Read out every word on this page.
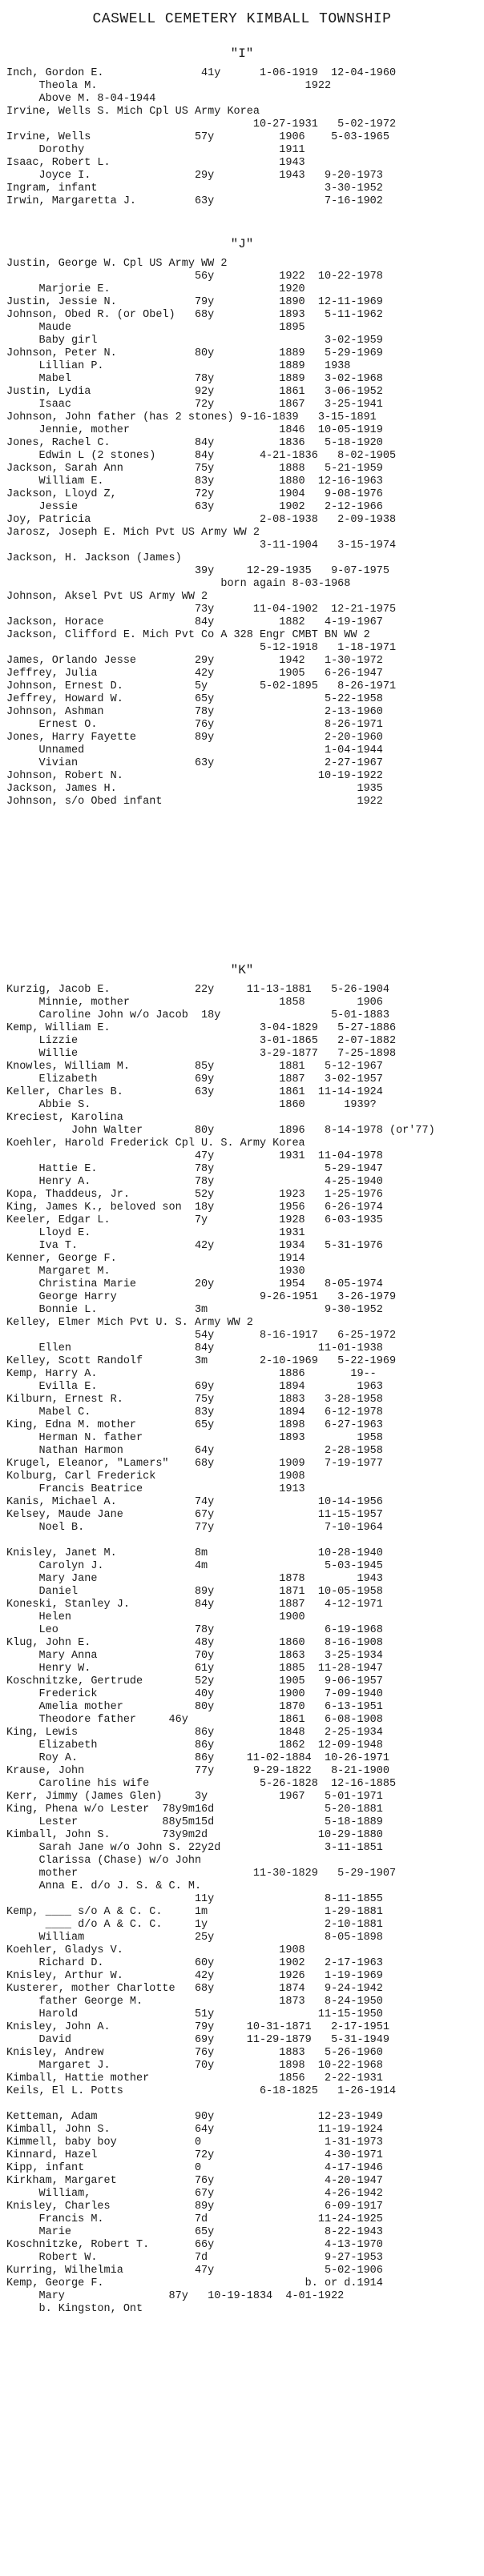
CASWELL CEMETERY KIMBALL TOWNSHIP
"I"
Inch, Gordon E.               41y      1-06-1919  12-04-1960
Theola M.                                1922
Above M. 8-04-1944
Irvine, Wells S. Mich Cpl US Army Korea
10-27-1931   5-02-1972
Irvine, Wells                57y          1906    5-03-1965
Dorothy                              1911
Isaac, Robert L.                          1943
Joyce I.                29y          1943   9-20-1973
Ingram, infant                                   3-30-1952
Irwin, Margaretta J.         63y                 7-16-1902
"J"
Justin, George W. Cpl US Army WW 2
56y          1922  10-22-1978
Marjorie E.                          1920
Justin, Jessie N.            79y          1890  12-11-1969
Johnson, Obed R. (or Obel)   68y          1893   5-11-1962
Maude                                1895
Baby girl                                   3-02-1959
Johnson, Peter N.            80y          1889   5-29-1969
Lillian P.                           1889   1938
Mabel                   78y          1889   3-02-1968
Justin, Lydia                92y          1861   3-06-1952
Isaac                   72y          1867   3-25-1941
Johnson, John father (has 2 stones) 9-16-1839   3-15-1891
Jennie, mother                       1846  10-05-1919
Jones, Rachel C.             84y          1836   5-18-1920
Edwin L (2 stones)      84y       4-21-1836   8-02-1905
Jackson, Sarah Ann           75y          1888   5-21-1959
William E.              83y          1880  12-16-1963
Jackson, Lloyd Z,            72y          1904   9-08-1976
Jessie                  63y          1902   2-12-1966
Joy, Patricia                          2-08-1938   2-09-1938
Jarosz, Joseph E. Mich Pvt US Army WW 2
3-11-1904   3-15-1974
Jackson, H. Jackson (James)
39y     12-29-1935   9-07-1975
born again 8-03-1968
Johnson, Aksel Pvt US Army WW 2
73y      11-04-1902  12-21-1975
Jackson, Horace              84y          1882   4-19-1967
Jackson, Clifford E. Mich Pvt Co A 328 Engr CMBT BN WW 2
5-12-1918   1-18-1971
James, Orlando Jesse         29y          1942   1-30-1972
Jeffrey, Julia               42y          1905   6-26-1947
Johnson, Ernest D.           5y        5-02-1895   8-26-1971
Jeffrey, Howard W.           65y                 5-22-1958
Johnson, Ashman              78y                 2-13-1960
Ernest O.               76y                 8-26-1971
Jones, Harry Fayette         89y                 2-20-1960
Unnamed                                     1-04-1944
Vivian                  63y                 2-27-1967
Johnson, Robert N.                              10-19-1922
Jackson, James H.                                     1935
Johnson, s/o Obed infant                              1922
"K"
Kurzig, Jacob E.             22y     11-13-1881   5-26-1904
Minnie, mother                       1858        1906
Caroline John w/o Jacob  18y                 5-01-1883
Kemp, William E.                       3-04-1829   5-27-1886
Lizzie                            3-01-1865   2-07-1882
Willie                            3-29-1877   7-25-1898
Knowles, William M.          85y          1881   5-12-1967
Elizabeth               69y          1887   3-02-1957
Keller, Charles B.           63y          1861  11-14-1924
Abbie S.                             1860      1939?
Kreciest, Karolina
John Walter        80y          1896   8-14-1978 (or'77)
Koehler, Harold Frederick Cpl U. S. Army Korea
47y          1931  11-04-1978
Hattie E.               78y                 5-29-1947
Henry A.                78y                 4-25-1940
Kopa, Thaddeus, Jr.          52y          1923   1-25-1976
King, James K., beloved son  18y          1956   6-26-1974
Keeler, Edgar L.             7y           1928   6-03-1935
Lloyd E.                             1931
Iva T.                  42y          1934   5-31-1976
Kenner, George F.                         1914
Margaret M.                          1930
Christina Marie         20y          1954   8-05-1974
George Harry                      9-26-1951   3-26-1979
Bonnie L.               3m                  9-30-1952
Kelley, Elmer Mich Pvt U. S. Army WW 2
54y       8-16-1917   6-25-1972
Ellen                   84y                11-01-1938
Kelley, Scott Randolf        3m        2-10-1969   5-22-1969
Kemp, Harry A.                            1886       19--
Evilla E.               69y          1894        1963
Kilburn, Ernest R.           75y          1883   3-28-1958
Mabel C.                83y          1894   6-12-1978
King, Edna M. mother         65y          1898   6-27-1963
Herman N. father                     1893        1958
Nathan Harmon           64y                 2-28-1958
Krugel, Eleanor, "Lamers"    68y          1909   7-19-1977
Kolburg, Carl Frederick                   1908
Francis Beatrice                     1913
Kanis, Michael A.            74y                10-14-1956
Kelsey, Maude Jane           67y                11-15-1957
Noel B.                 77y                 7-10-1964
Knisley, Janet M.            8m                 10-28-1940
Carolyn J.              4m                  5-03-1945
Mary Jane                            1878        1943
Daniel                  89y          1871  10-05-1958
Koneski, Stanley J.          84y          1887   4-12-1971
Helen                                1900
Leo                     78y                 6-19-1968
Klug, John E.                48y          1860   8-16-1908
Mary Anna               70y          1863   3-25-1934
Henry W.                61y          1885  11-28-1947
Koschnitzke, Gertrude        52y          1905   9-06-1957
Frederick               40y          1900   7-09-1940
Amelia mother           80y          1870   6-13-1951
Theodore father     46y              1861   6-08-1908
King, Lewis                  86y          1848   2-25-1934
Elizabeth               86y          1862  12-09-1948
Roy A.                  86y     11-02-1884  10-26-1971
Krause, John                 77y      9-29-1822   8-21-1900
Caroline his wife                 5-26-1828  12-16-1885
Kerr, Jimmy (James Glen)     3y           1967   5-01-1971
King, Phena w/o Lester  78y9m16d                 5-20-1881
Lester             88y5m15d                 5-18-1889
Kimball, John S.        73y9m2d                 10-29-1880
Sarah Jane w/o John S. 22y2d                3-11-1851
Clarissa (Chase) w/o John
mother                           11-30-1829   5-29-1907
Anna E. d/o J. S. & C. M.
11y                 8-11-1855
Kemp, ____ s/o A & C. C.     1m                  1-29-1881
____ d/o A & C. C.     1y                  2-10-1881
William                 25y                 8-05-1898
Koehler, Gladys V.                        1908
Richard D.              60y          1902   2-17-1963
Knisley, Arthur W.           42y          1926   1-19-1969
Kusterer, mother Charlotte   68y          1874   9-24-1942
father George M.                     1873   8-24-1950
Harold                  51y                11-15-1950
Knisley, John A.             79y     10-31-1871   2-17-1951
David                   69y     11-29-1879   5-31-1949
Knisley, Andrew              76y          1883   5-26-1960
Margaret J.             70y          1898  10-22-1968
Kimball, Hattie mother                    1856   2-22-1931
Keils, El L. Potts                     6-18-1825   1-26-1914
Ketteman, Adam               90y                12-23-1949
Kimball, John S.             64y                11-19-1924
Kimmell, baby boy            0                   1-31-1973
Kinnard, Hazel               72y                 4-30-1971
Kipp, infant                 0                   4-17-1946
Kirkham, Margaret            76y                 4-20-1947
William,                67y                 4-26-1942
Knisley, Charles             89y                 6-09-1917
Francis M.              7d                 11-24-1925
Marie                   65y                 8-22-1943
Koschnitzke, Robert T.       66y                 4-13-1970
Robert W.               7d                  9-27-1953
Kurring, Wilhelmia           47y                 5-02-1906
Kemp, George F.                               b. or d.1914
Mary                87y   10-19-1834  4-01-1922
b. Kingston, Ont
